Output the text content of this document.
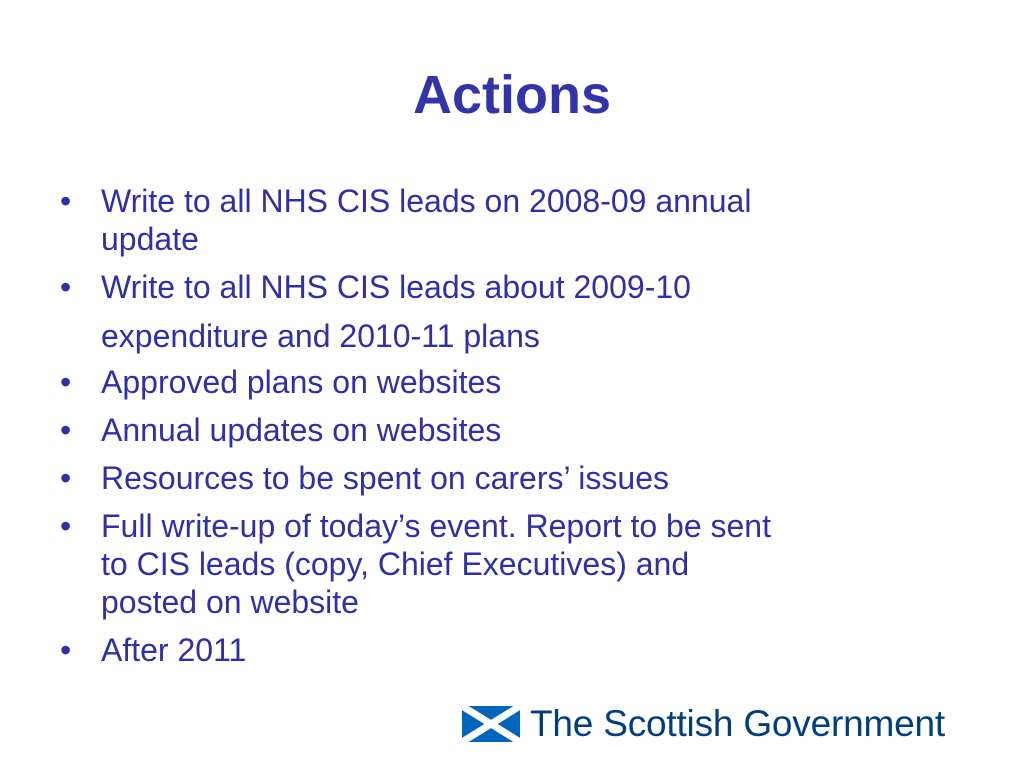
Actions
• Write to all NHS CIS leads on 2008-09 annual
update
• Write to all NHS CIS leads about 2009-10
expenditure and 2010-11 plans
• Approved plans on websites
• Annual updates on websites
• Resources to be spent on carers’ issues
• Full write-up of today’s event. Report to be sent
to CIS leads (copy, Chief Executives) and
posted on website
• After 2011
The Scottish Government
